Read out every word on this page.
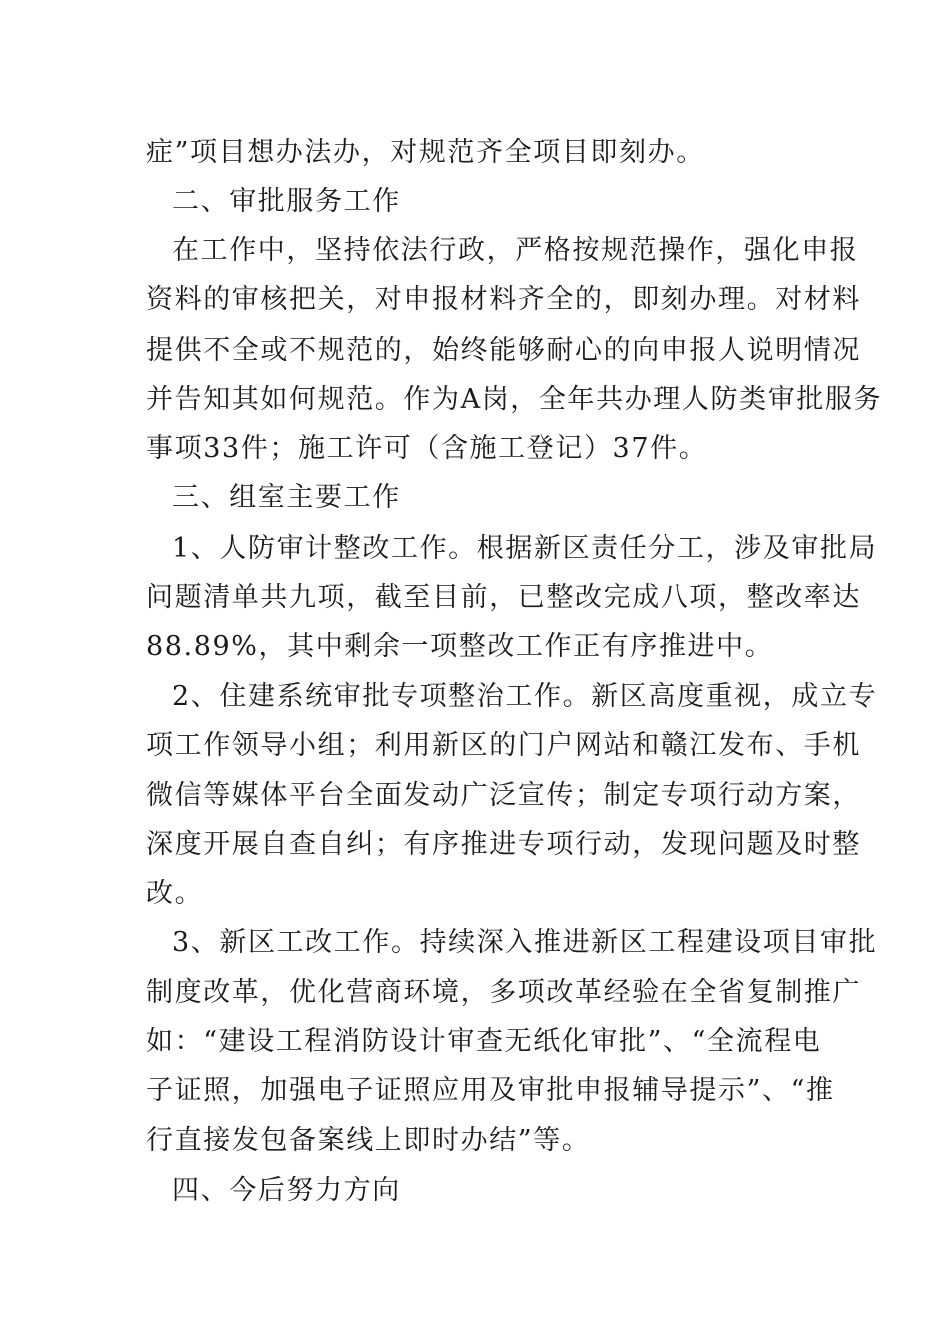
症”项目想办法办，对规范齐全项目即刻办。
二、审批服务工作
在工作中，坚持依法行政，严格按规范操作，强化申报
资料的审核把关，对申报材料齐全的，即刻办理。对材料
提供不全或不规范的，始终能够耐心的向申报人说明情况
并告知其如何规范。作为A岗，全年共办理人防类审批服务
事项33件；施工许可（含施工登记）37件。
三、组室主要工作
1、人防审计整改工作。根据新区责任分工，涉及审批局
问题清单共九项，截至目前，已整改完成八项，整改率达
88.89%，其中剩余一项整改工作正有序推进中。
2、住建系统审批专项整治工作。新区高度重视，成立专
项工作领导小组；利用新区的门户网站和赣江发布、手机
微信等媒体平台全面发动广泛宣传；制定专项行动方案，
深度开展自查自纠；有序推进专项行动，发现问题及时整
改。
3、新区工改工作。持续深入推进新区工程建设项目审批
制度改革，优化营商环境，多项改革经验在全省复制推广
如：“建设工程消防设计审查无纸化审批”、“全流程电
子证照，加强电子证照应用及审批申报辅导提示”、“推
行直接发包备案线上即时办结”等。
四、今后努力方向
